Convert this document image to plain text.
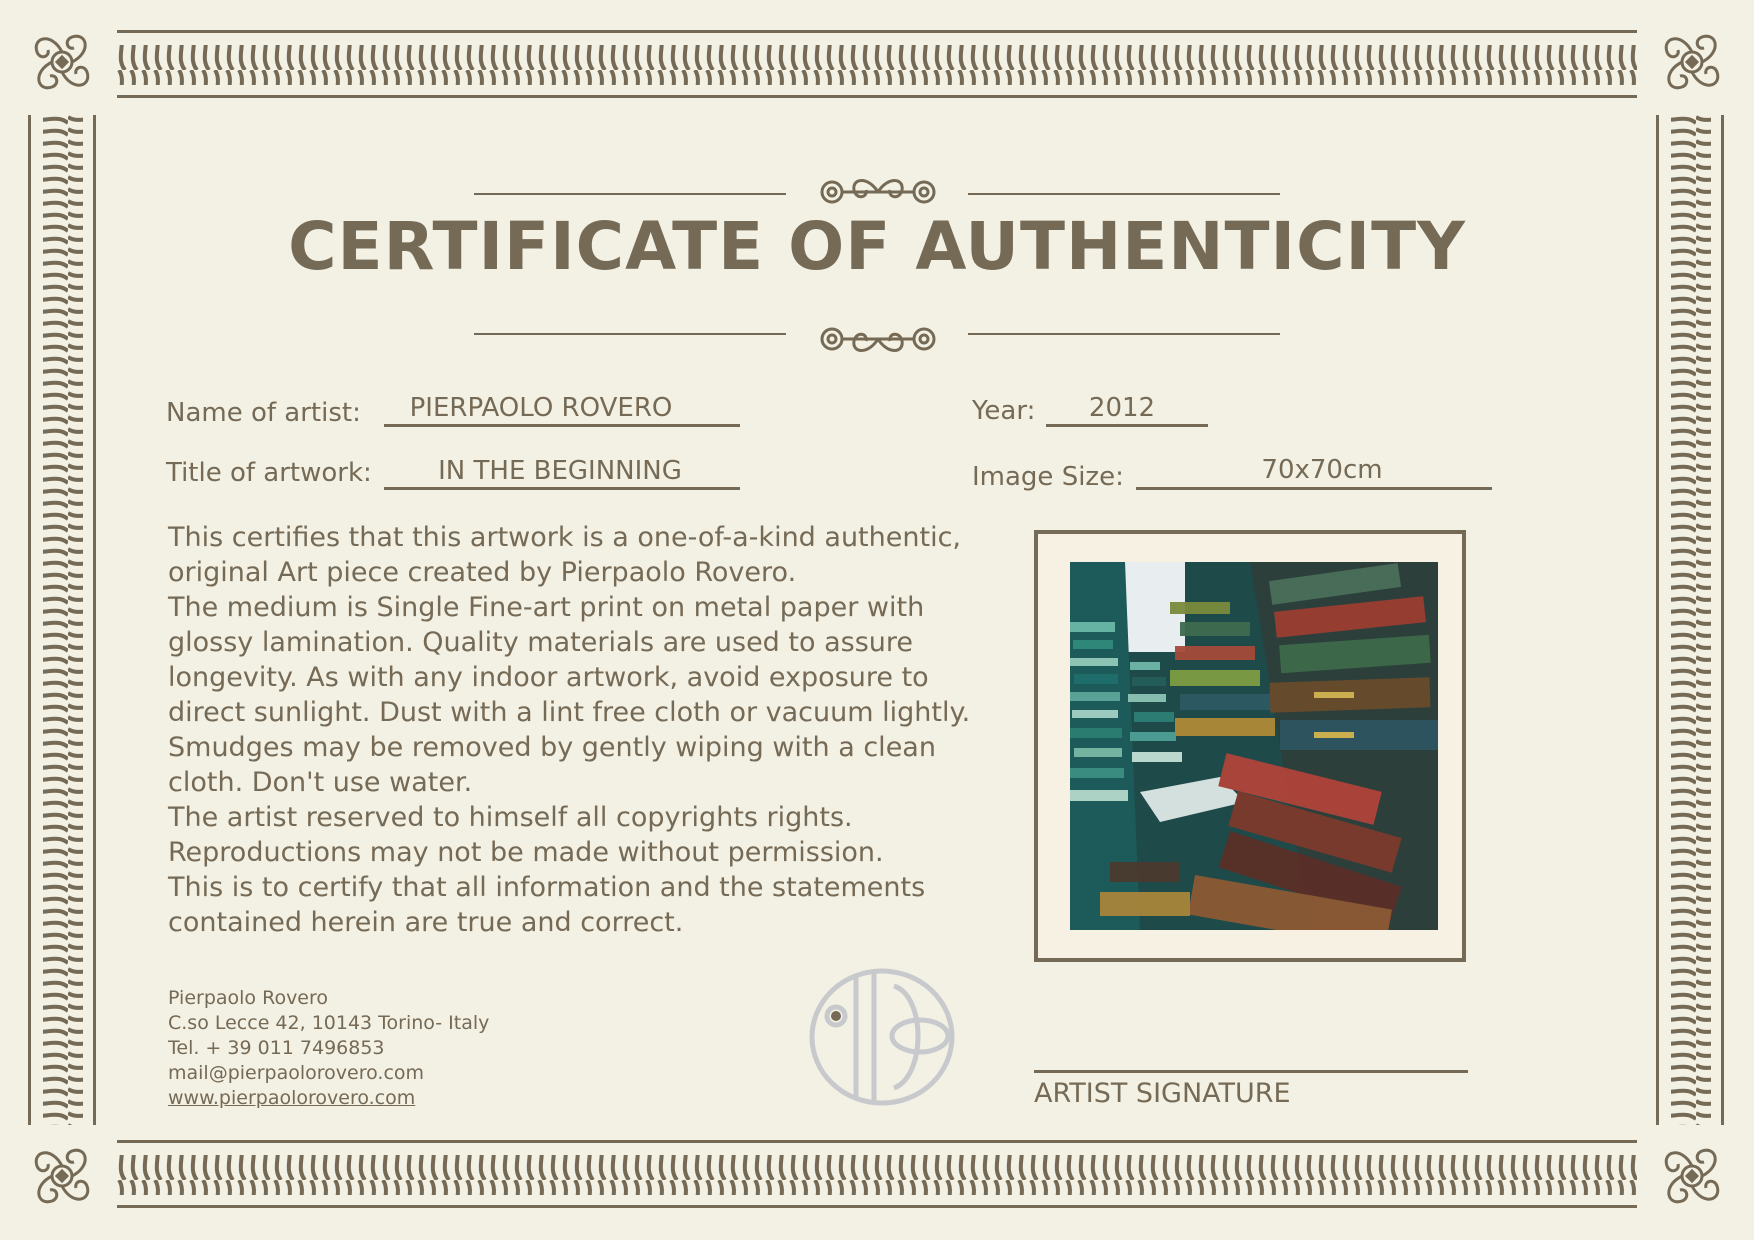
CERTIFICATE OF AUTHENTICITY
Name of artist:	PIERPAOLO ROVERO
Title of artwork:	IN THE BEGINNING
Year:	2012
Image Size:	70x70cm
This certifies that this artwork is a one-of-a-kind authentic,
original Art piece created by Pierpaolo Rovero.
The medium is Single Fine-art print on metal paper with
glossy lamination. Quality materials are used to assure
longevity. As with any indoor artwork, avoid exposure to
direct sunlight. Dust with a lint free cloth or vacuum lightly.
Smudges may be removed by gently wiping with a clean
cloth. Don't use water.
The artist reserved to himself all copyrights rights.
Reproductions may not be made without permission.
This is to certify that all information and the statements
contained herein are true and correct.
Pierpaolo Rovero
C.so Lecce 42, 10143 Torino- Italy
Tel. + 39 011 7496853
mail@pierpaolorovero.com
www.pierpaolorovero.com	ARTIST SIGNATURE
